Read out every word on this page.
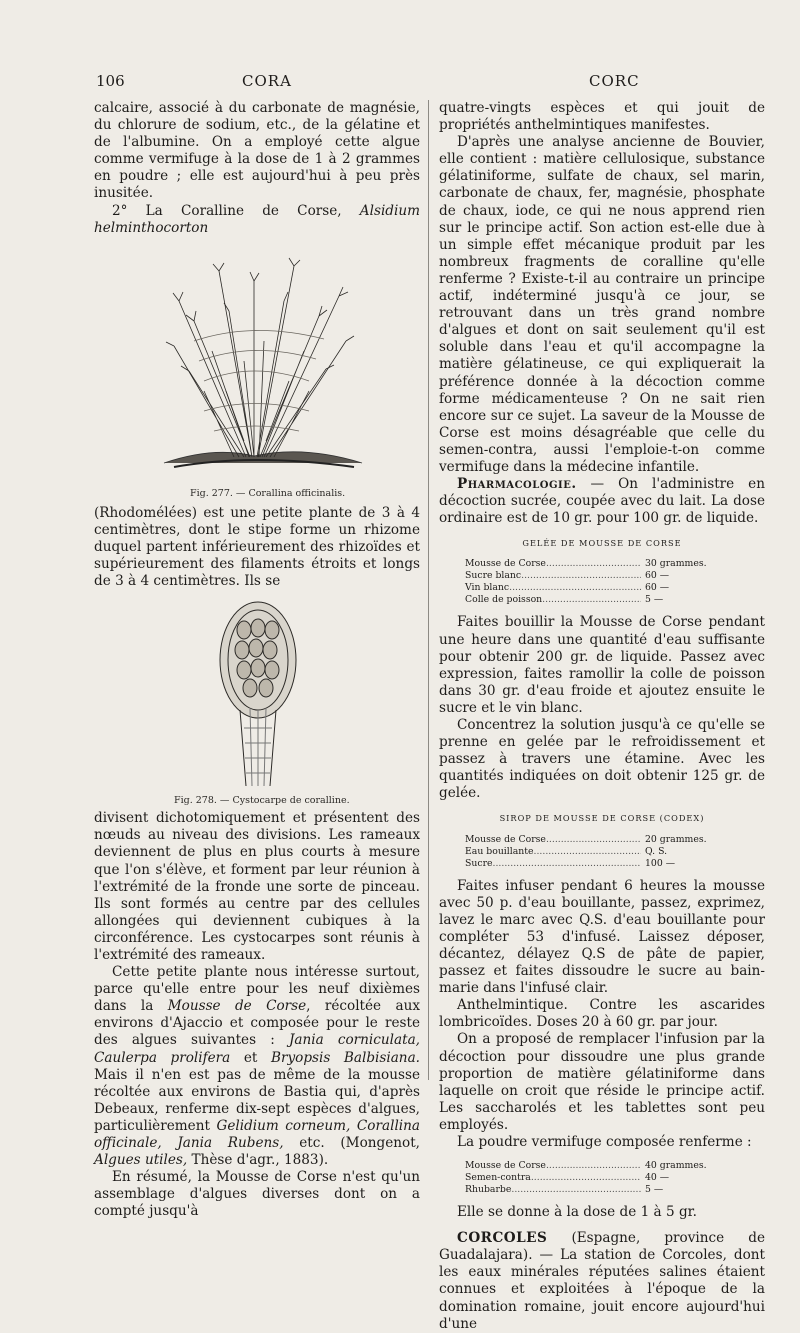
106	CORA	CORC

calcaire, associé à du carbonate de magnésie, du chlorure de sodium, etc., de la gélatine et de l'albumine. On a employé cette algue comme vermifuge à la dose de 1 à 2 grammes en poudre ; elle est aujourd'hui à peu près inusitée.

2° La Coralline de Corse, Alsidium helminthocorton

Fig. 277. — Corallina officinalis.

(Rhodomélées) est une petite plante de 3 à 4 centimètres, dont le stipe forme un rhizome duquel partent inférieurement des rhizoïdes et supérieurement des filaments étroits et longs de 3 à 4 centimètres. Ils se

Fig. 278. — Cystocarpe de coralline.

divisent dichotomiquement et présentent des nœuds au niveau des divisions. Les rameaux deviennent de plus en plus courts à mesure que l'on s'élève, et forment par leur réunion à l'extrémité de la fronde une sorte de pinceau. Ils sont formés au centre par des cellules allongées qui deviennent cubiques à la circonférence. Les cystocarpes sont réunis à l'extrémité des rameaux.

Cette petite plante nous intéresse surtout, parce qu'elle entre pour les neuf dixièmes dans la Mousse de Corse, récoltée aux environs d'Ajaccio et composée pour le reste des algues suivantes : Jania corniculata, Caulerpa prolifera et Bryopsis Balbisiana. Mais il n'en est pas de même de la mousse récoltée aux environs de Bastia qui, d'après Debeaux, renferme dix-sept espèces d'algues, particulièrement Gelidium corneum, Corallina officinale, Jania Rubens, etc. (Mongenot, Algues utiles, Thèse d'agr., 1883).

En résumé, la Mousse de Corse n'est qu'un assemblage d'algues diverses dont on a compté jusqu'à

quatre-vingts espèces et qui jouit de propriétés anthelmintiques manifestes.

D'après une analyse ancienne de Bouvier, elle contient : matière cellulosique, substance gélatiniforme, sulfate de chaux, sel marin, carbonate de chaux, fer, magnésie, phosphate de chaux, iode, ce qui ne nous apprend rien sur le principe actif. Son action est-elle due à un simple effet mécanique produit par les nombreux fragments de coralline qu'elle renferme ? Existe-t-il au contraire un principe actif, indéterminé jusqu'à ce jour, se retrouvant dans un très grand nombre d'algues et dont on sait seulement qu'il est soluble dans l'eau et qu'il accompagne la matière gélatineuse, ce qui expliquerait la préférence donnée à la décoction comme forme médicamenteuse ? On ne sait rien encore sur ce sujet. La saveur de la Mousse de Corse est moins désagréable que celle du semen-contra, aussi l'emploie-t-on comme vermifuge dans la médecine infantile.

Pharmacologie. — On l'administre en décoction sucrée, coupée avec du lait. La dose ordinaire est de 10 gr. pour 100 gr. de liquide.

GELÉE DE MOUSSE DE CORSE
Mousse de Corse .....	30 grammes.
Sucre blanc .....	60 —
Vin blanc .....	60 —
Colle de poisson .....	5 —

Faites bouillir la Mousse de Corse pendant une heure dans une quantité d'eau suffisante pour obtenir 200 gr. de liquide. Passez avec expression, faites ramollir la colle de poisson dans 30 gr. d'eau froide et ajoutez ensuite le sucre et le vin blanc.

Concentrez la solution jusqu'à ce qu'elle se prenne en gelée par le refroidissement et passez à travers une étamine. Avec les quantités indiquées on doit obtenir 125 gr. de gelée.

SIROP DE MOUSSE DE CORSE (CODEX)
Mousse de Corse .....	20 grammes.
Eau bouillante .....	Q. S.
Sucre .....	100 —

Faites infuser pendant 6 heures la mousse avec 50 p. d'eau bouillante, passez, exprimez, lavez le marc avec Q.S. d'eau bouillante pour compléter 53 d'infusé. Laissez déposer, décantez, délayez Q.S de pâte de papier, passez et faites dissoudre le sucre au bain-marie dans l'infusé clair.

Anthelmintique. Contre les ascarides lombricoïdes. Doses 20 à 60 gr. par jour.

On a proposé de remplacer l'infusion par la décoction pour dissoudre une plus grande proportion de matière gélatiniforme dans laquelle on croit que réside le principe actif. Les saccharolés et les tablettes sont peu employés.

La poudre vermifuge composée renferme :

Mousse de Corse .....	40 grammes.
Semen-contra .....	40 —
Rhubarbe .....	5 —

Elle se donne à la dose de 1 à 5 gr.

CORCOLES (Espagne, province de Guadalajara). — La station de Corcoles, dont les eaux minérales réputées salines étaient connues et exploitées à l'époque de la domination romaine, jouit encore aujourd'hui d'une
